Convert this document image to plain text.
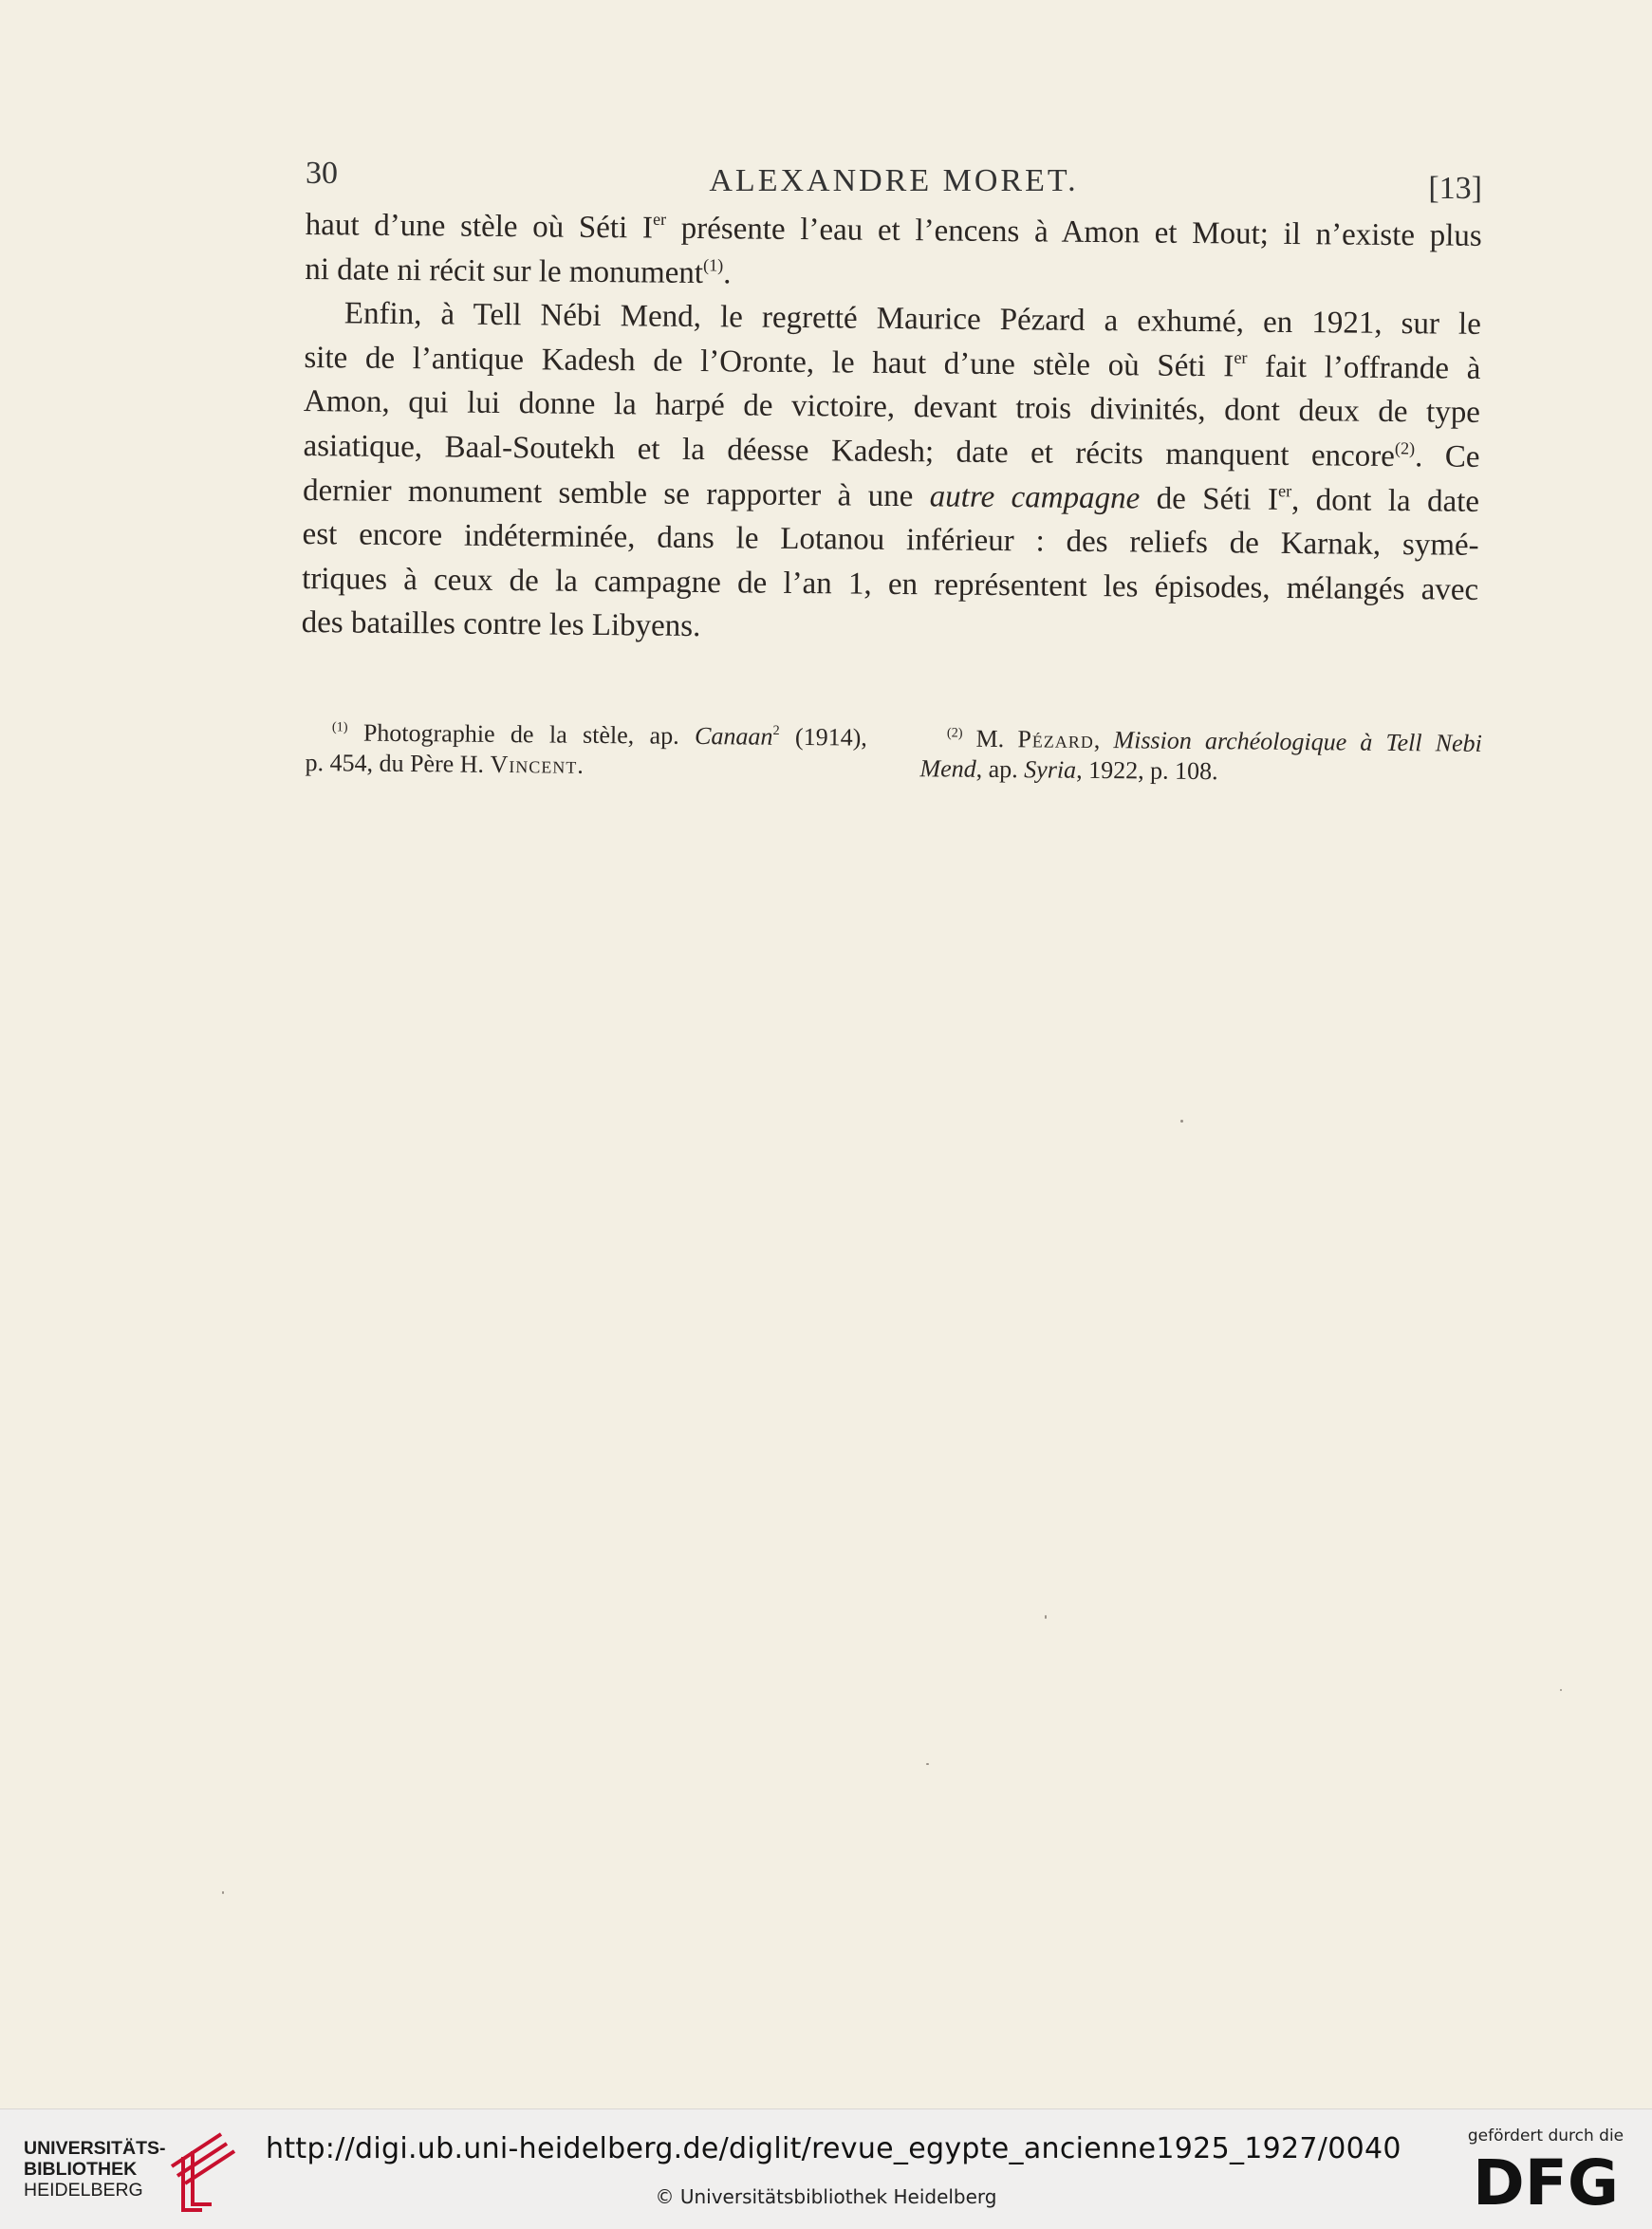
30	ALEXANDRE MORET.	[13]
haut d’une stèle où Séti Ier présente l’eau et l’encens à Amon et Mout; il n’existe plus
ni date ni récit sur le monument$^{(1)}$.
Enfin, à Tell Nébi Mend, le regretté Maurice Pézard a exhumé, en 1921, sur le
site de l’antique Kadesh de l’Oronte, le haut d’une stèle où Séti Ier fait l’offrande à
Amon, qui lui donne la harpé de victoire, devant trois divinités, dont deux de type
asiatique, Baal-Soutekh et la déesse Kadesh; date et récits manquent encore$^{(2)}$. Ce
dernier monument semble se rapporter à une autre campagne de Séti Ier, dont la date
est encore indéterminée, dans le Lotanou inférieur : des reliefs de Karnak, symé-
triques à ceux de la campagne de l’an 1, en représentent les épisodes, mélangés avec
des batailles contre les Libyens.
$^{(1)}$ Photographie de la stèle, ap. Canaan$^2$ (1914),
p. 454, du Père H. Vincent.
$^{(2)}$ M. Pézard, Mission archéologique à Tell Nebi
Mend, ap. Syria, 1922, p. 108.
UNIVERSITÄTS-
BIBLIOTHEK
HEIDELBERG
http://digi.ub.uni-heidelberg.de/diglit/revue_egypte_ancienne1925_1927/0040
© Universitätsbibliothek Heidelberg
gefördert durch die
DFG
